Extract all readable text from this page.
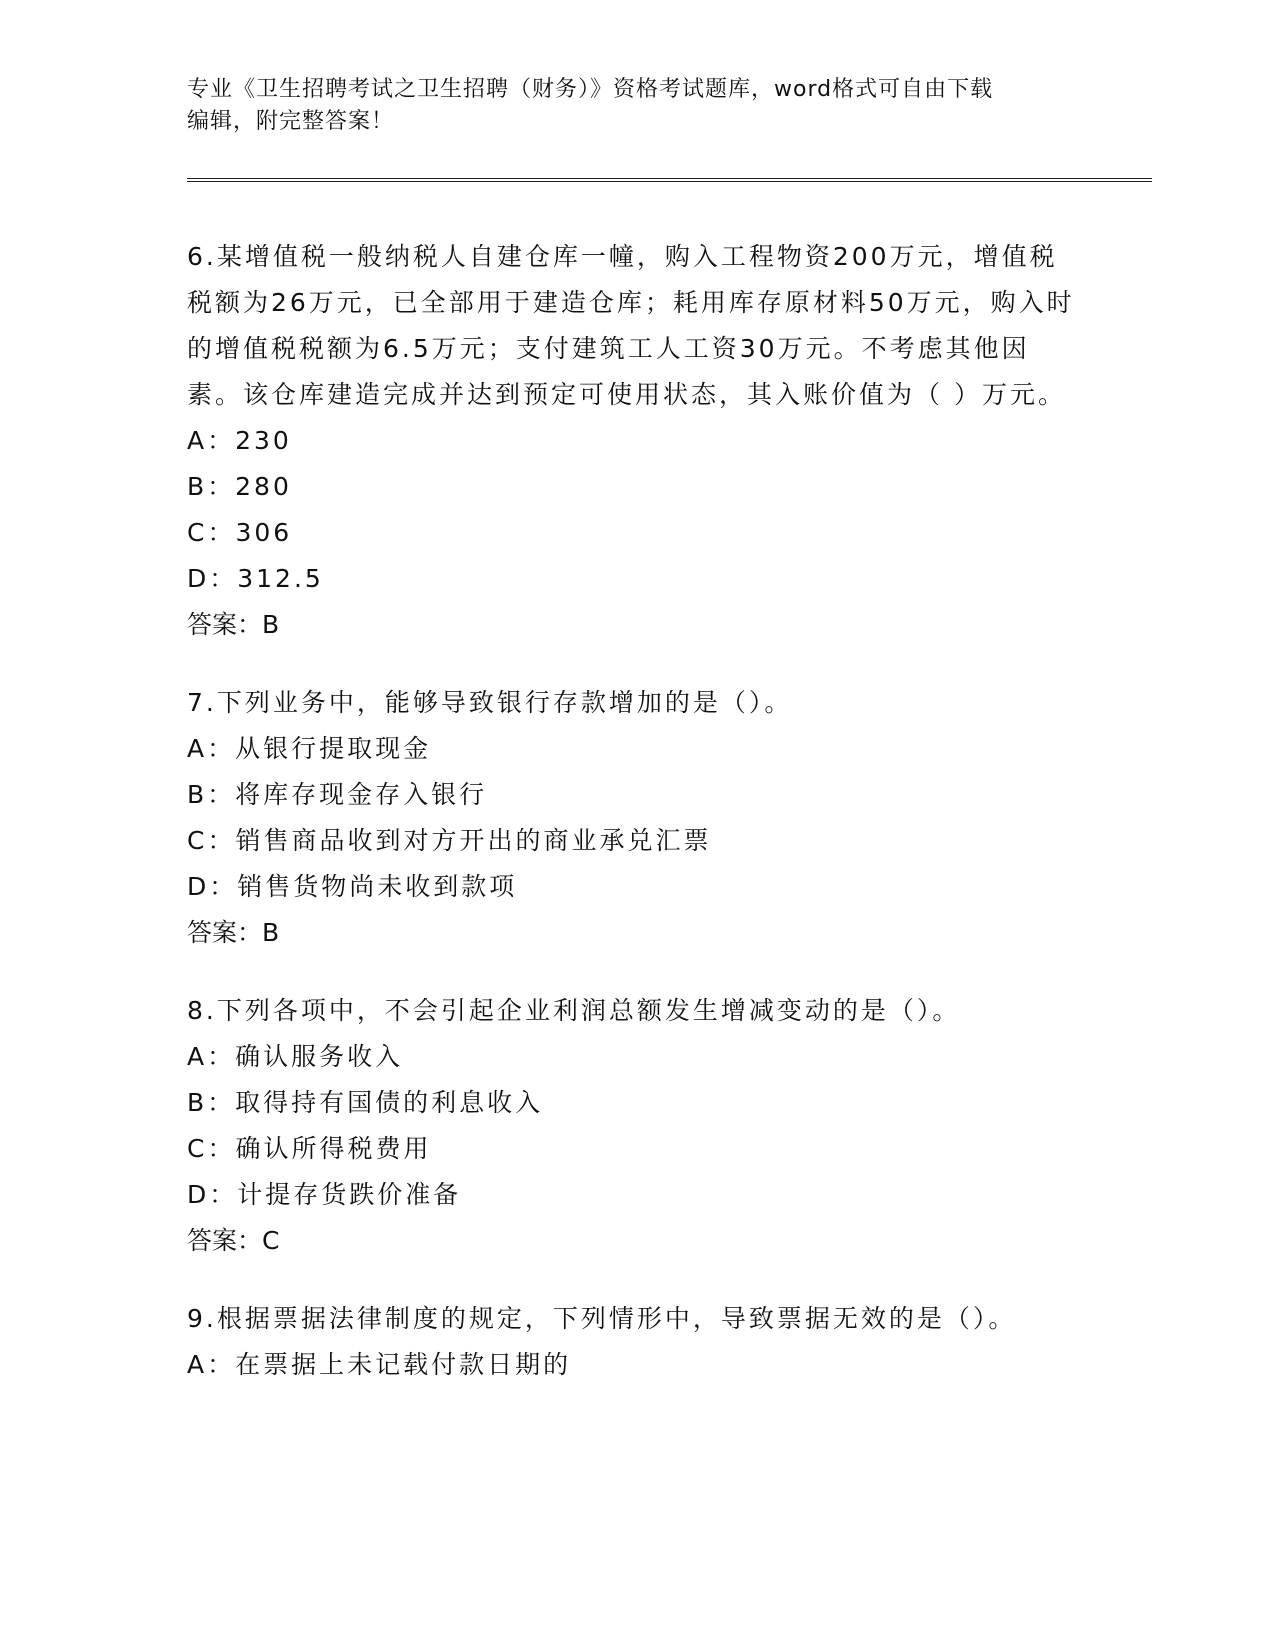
专业《卫生招聘考试之卫生招聘（财务）》资格考试题库，word格式可自由下载
编辑，附完整答案！

6.某增值税一般纳税人自建仓库一幢，购入工程物资200万元，增值税税额为26万元，已全部用于建造仓库；耗用库存原材料50万元，购入时的增值税税额为6.5万元；支付建筑工人工资30万元。不考虑其他因素。该仓库建造完成并达到预定可使用状态，其入账价值为（ ）万元。

A：230

B：280

C：306

D：312.5

答案：B

7.下列业务中，能够导致银行存款增加的是（）。

A：从银行提取现金

B：将库存现金存入银行

C：销售商品收到对方开出的商业承兑汇票

D：销售货物尚未收到款项

答案：B

8.下列各项中，不会引起企业利润总额发生增减变动的是（）。

A：确认服务收入

B：取得持有国债的利息收入

C：确认所得税费用

D：计提存货跌价准备

答案：C

9.根据票据法律制度的规定，下列情形中，导致票据无效的是（）。

A：在票据上未记载付款日期的
